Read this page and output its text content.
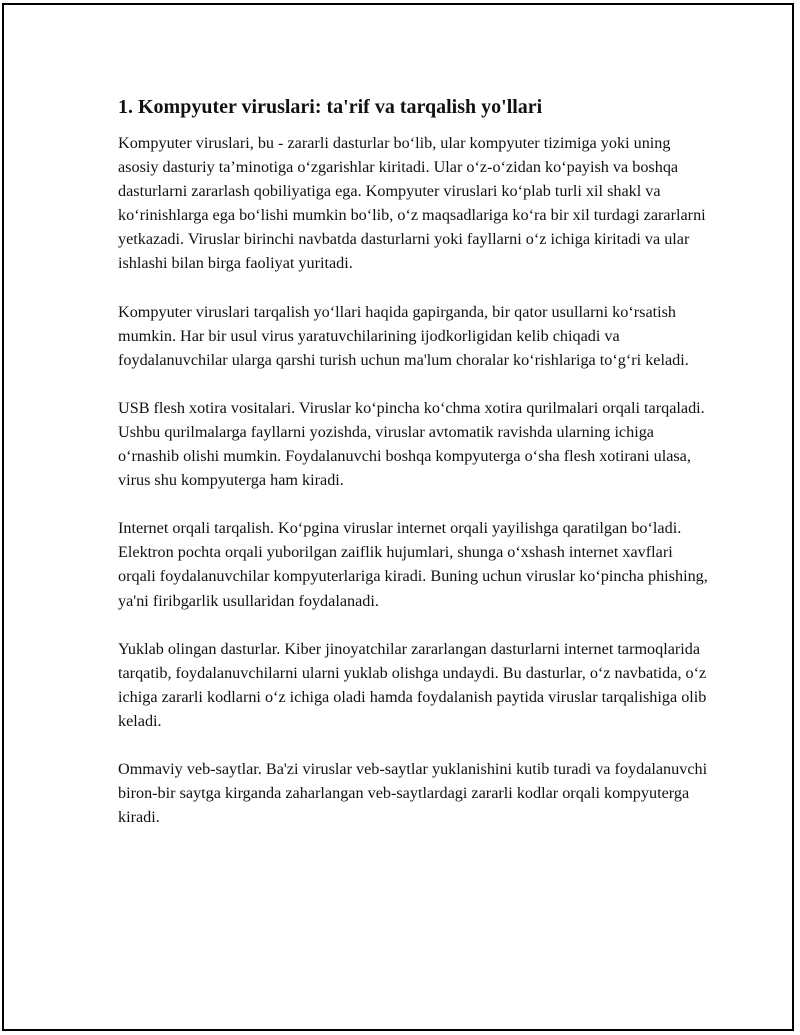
1. Kompyuter viruslari: ta'rif va tarqalish yo'llari

Kompyuter viruslari, bu - zararli dasturlar bo‘lib, ular kompyuter tizimiga yoki uning asosiy dasturiy ta’minotiga o‘zgarishlar kiritadi. Ular o‘z-o‘zidan ko‘payish va boshqa dasturlarni zararlash qobiliyatiga ega. Kompyuter viruslari ko‘plab turli xil shakl va ko‘rinishlarga ega bo‘lishi mumkin bo‘lib, o‘z maqsadlariga ko‘ra bir xil turdagi zararlarni yetkazadi. Viruslar birinchi navbatda dasturlarni yoki fayllarni o‘z ichiga kiritadi va ular ishlashi bilan birga faoliyat yuritadi.

Kompyuter viruslari tarqalish yo‘llari haqida gapirganda, bir qator usullarni ko‘rsatish mumkin. Har bir usul virus yaratuvchilarining ijodkorligidan kelib chiqadi va foydalanuvchilar ularga qarshi turish uchun ma'lum choralar ko‘rishlariga to‘g‘ri keladi.

USB flesh xotira vositalari. Viruslar ko‘pincha ko‘chma xotira qurilmalari orqali tarqaladi. Ushbu qurilmalarga fayllarni yozishda, viruslar avtomatik ravishda ularning ichiga o‘rnashib olishi mumkin. Foydalanuvchi boshqa kompyuterga o‘sha flesh xotirani ulasa, virus shu kompyuterga ham kiradi.

Internet orqali tarqalish. Ko‘pgina viruslar internet orqali yayilishga qaratilgan bo‘ladi. Elektron pochta orqali yuborilgan zaiflik hujumlari, shunga o‘xshash internet xavflari orqali foydalanuvchilar kompyuterlariga kiradi. Buning uchun viruslar ko‘pincha phishing, ya'ni firibgarlik usullaridan foydalanadi.

Yuklab olingan dasturlar. Kiber jinoyatchilar zararlangan dasturlarni internet tarmoqlarida tarqatib, foydalanuvchilarni ularni yuklab olishga undaydi. Bu dasturlar, o‘z navbatida, o‘z ichiga zararli kodlarni o‘z ichiga oladi hamda foydalanish paytida viruslar tarqalishiga olib keladi.

Ommaviy veb-saytlar. Ba'zi viruslar veb-saytlar yuklanishini kutib turadi va foydalanuvchi biron-bir saytga kirganda zaharlangan veb-saytlardagi zararli kodlar orqali kompyuterga kiradi.
